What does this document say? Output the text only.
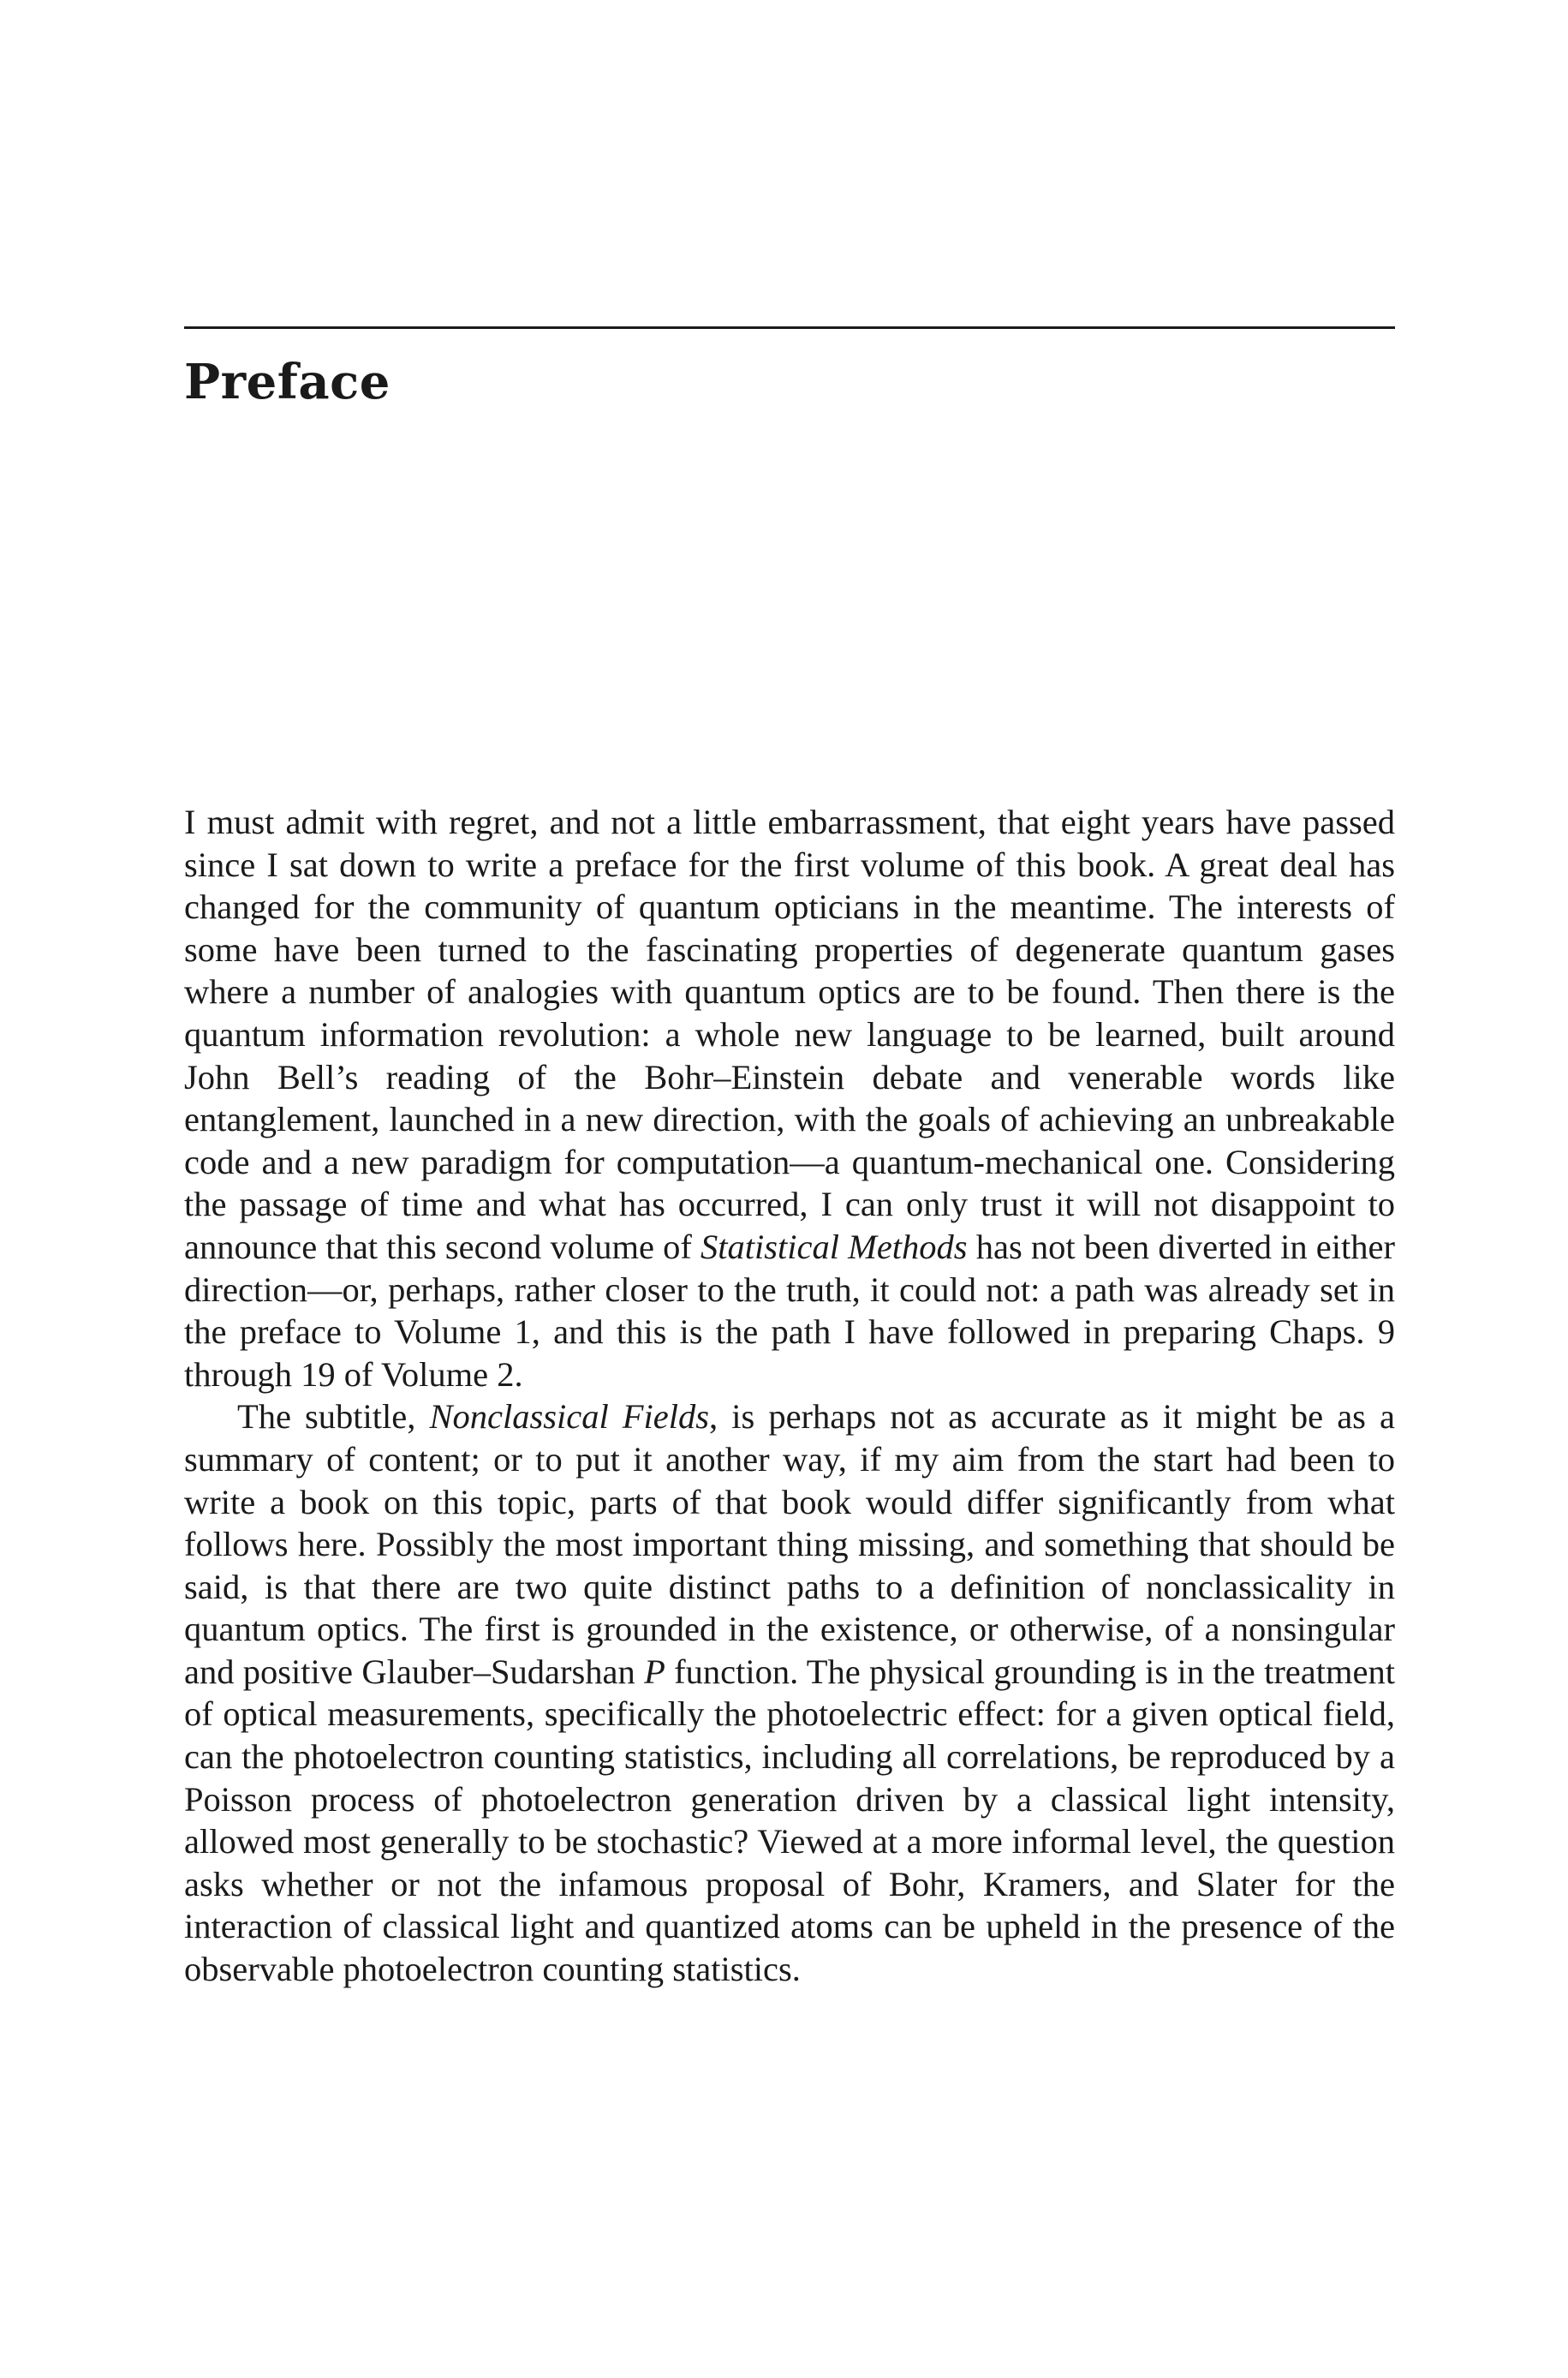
Preface

I must admit with regret, and not a little embarrassment, that eight years have passed since I sat down to write a preface for the first volume of this book. A great deal has changed for the community of quantum opticians in the meantime. The interests of some have been turned to the fascinating properties of degenerate quantum gases where a number of analogies with quantum optics are to be found. Then there is the quantum information revolution: a whole new language to be learned, built around John Bell’s reading of the Bohr–Einstein debate and venerable words like entanglement, launched in a new direction, with the goals of achieving an unbreakable code and a new paradigm for computation—a quantum-mechanical one. Considering the passage of time and what has occurred, I can only trust it will not disappoint to announce that this second volume of Statistical Methods has not been diverted in either direction—or, perhaps, rather closer to the truth, it could not: a path was already set in the preface to Volume 1, and this is the path I have followed in preparing Chaps. 9 through 19 of Volume 2.

The subtitle, Nonclassical Fields, is perhaps not as accurate as it might be as a summary of content; or to put it another way, if my aim from the start had been to write a book on this topic, parts of that book would differ significantly from what follows here. Possibly the most important thing missing, and something that should be said, is that there are two quite distinct paths to a definition of nonclassicality in quantum optics. The first is grounded in the existence, or otherwise, of a nonsingular and positive Glauber–Sudarshan P function. The physical grounding is in the treatment of optical measurements, specifically the photoelectric effect: for a given optical field, can the photoelectron counting statistics, including all correlations, be reproduced by a Poisson process of photoelectron generation driven by a classical light intensity, allowed most generally to be stochastic? Viewed at a more informal level, the question asks whether or not the infamous proposal of Bohr, Kramers, and Slater for the interaction of classical light and quantized atoms can be upheld in the presence of the observable photoelectron counting statistics.
